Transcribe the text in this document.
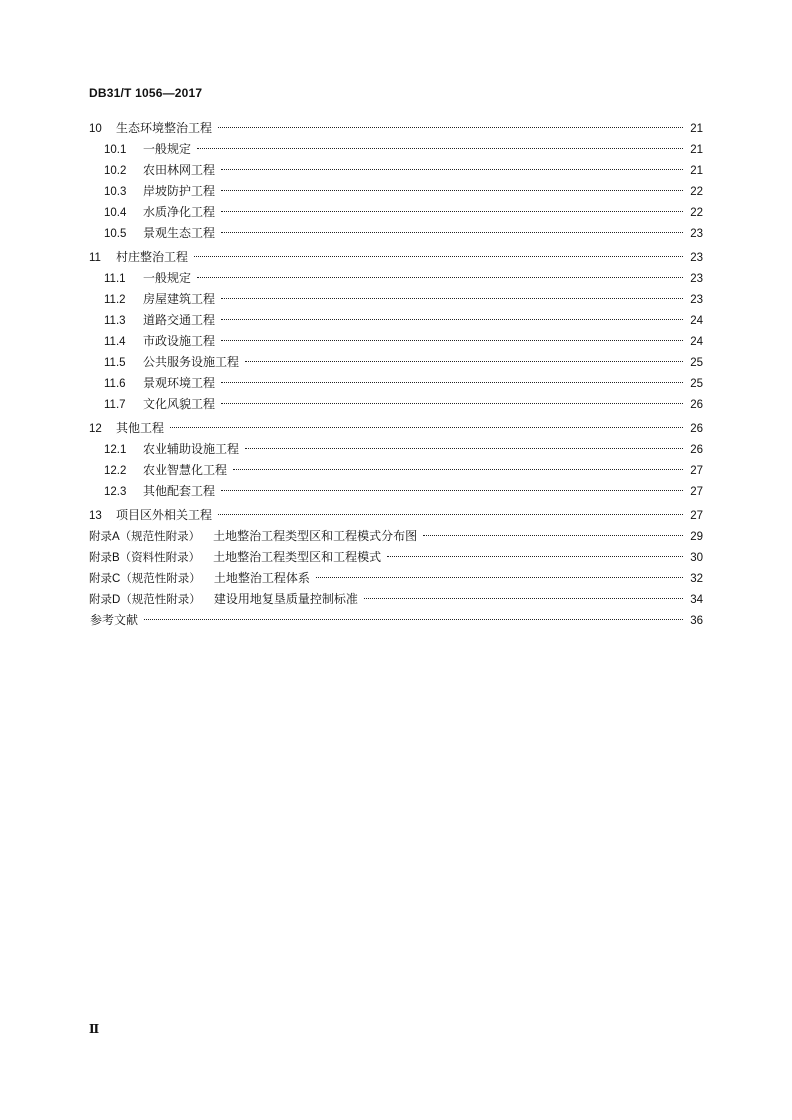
DB31/T 1056—2017
10	生态环境整治工程	21
10.1	一般规定	21
10.2	农田林网工程	21
10.3	岸坡防护工程	22
10.4	水质净化工程	22
10.5	景观生态工程	23
11	村庄整治工程	23
11.1	一般规定	23
11.2	房屋建筑工程	23
11.3	道路交通工程	24
11.4	市政设施工程	24
11.5	公共服务设施工程	25
11.6	景观环境工程	25
11.7	文化风貌工程	26
12	其他工程	26
12.1	农业辅助设施工程	26
12.2	农业智慧化工程	27
12.3	其他配套工程	27
13	项目区外相关工程	27
附录A（规范性附录） 土地整治工程类型区和工程模式分布图	29
附录B（资料性附录） 土地整治工程类型区和工程模式	30
附录C（规范性附录） 土地整治工程体系	32
附录D（规范性附录） 建设用地复垦质量控制标准	34
参考文献	36
Ⅱ
